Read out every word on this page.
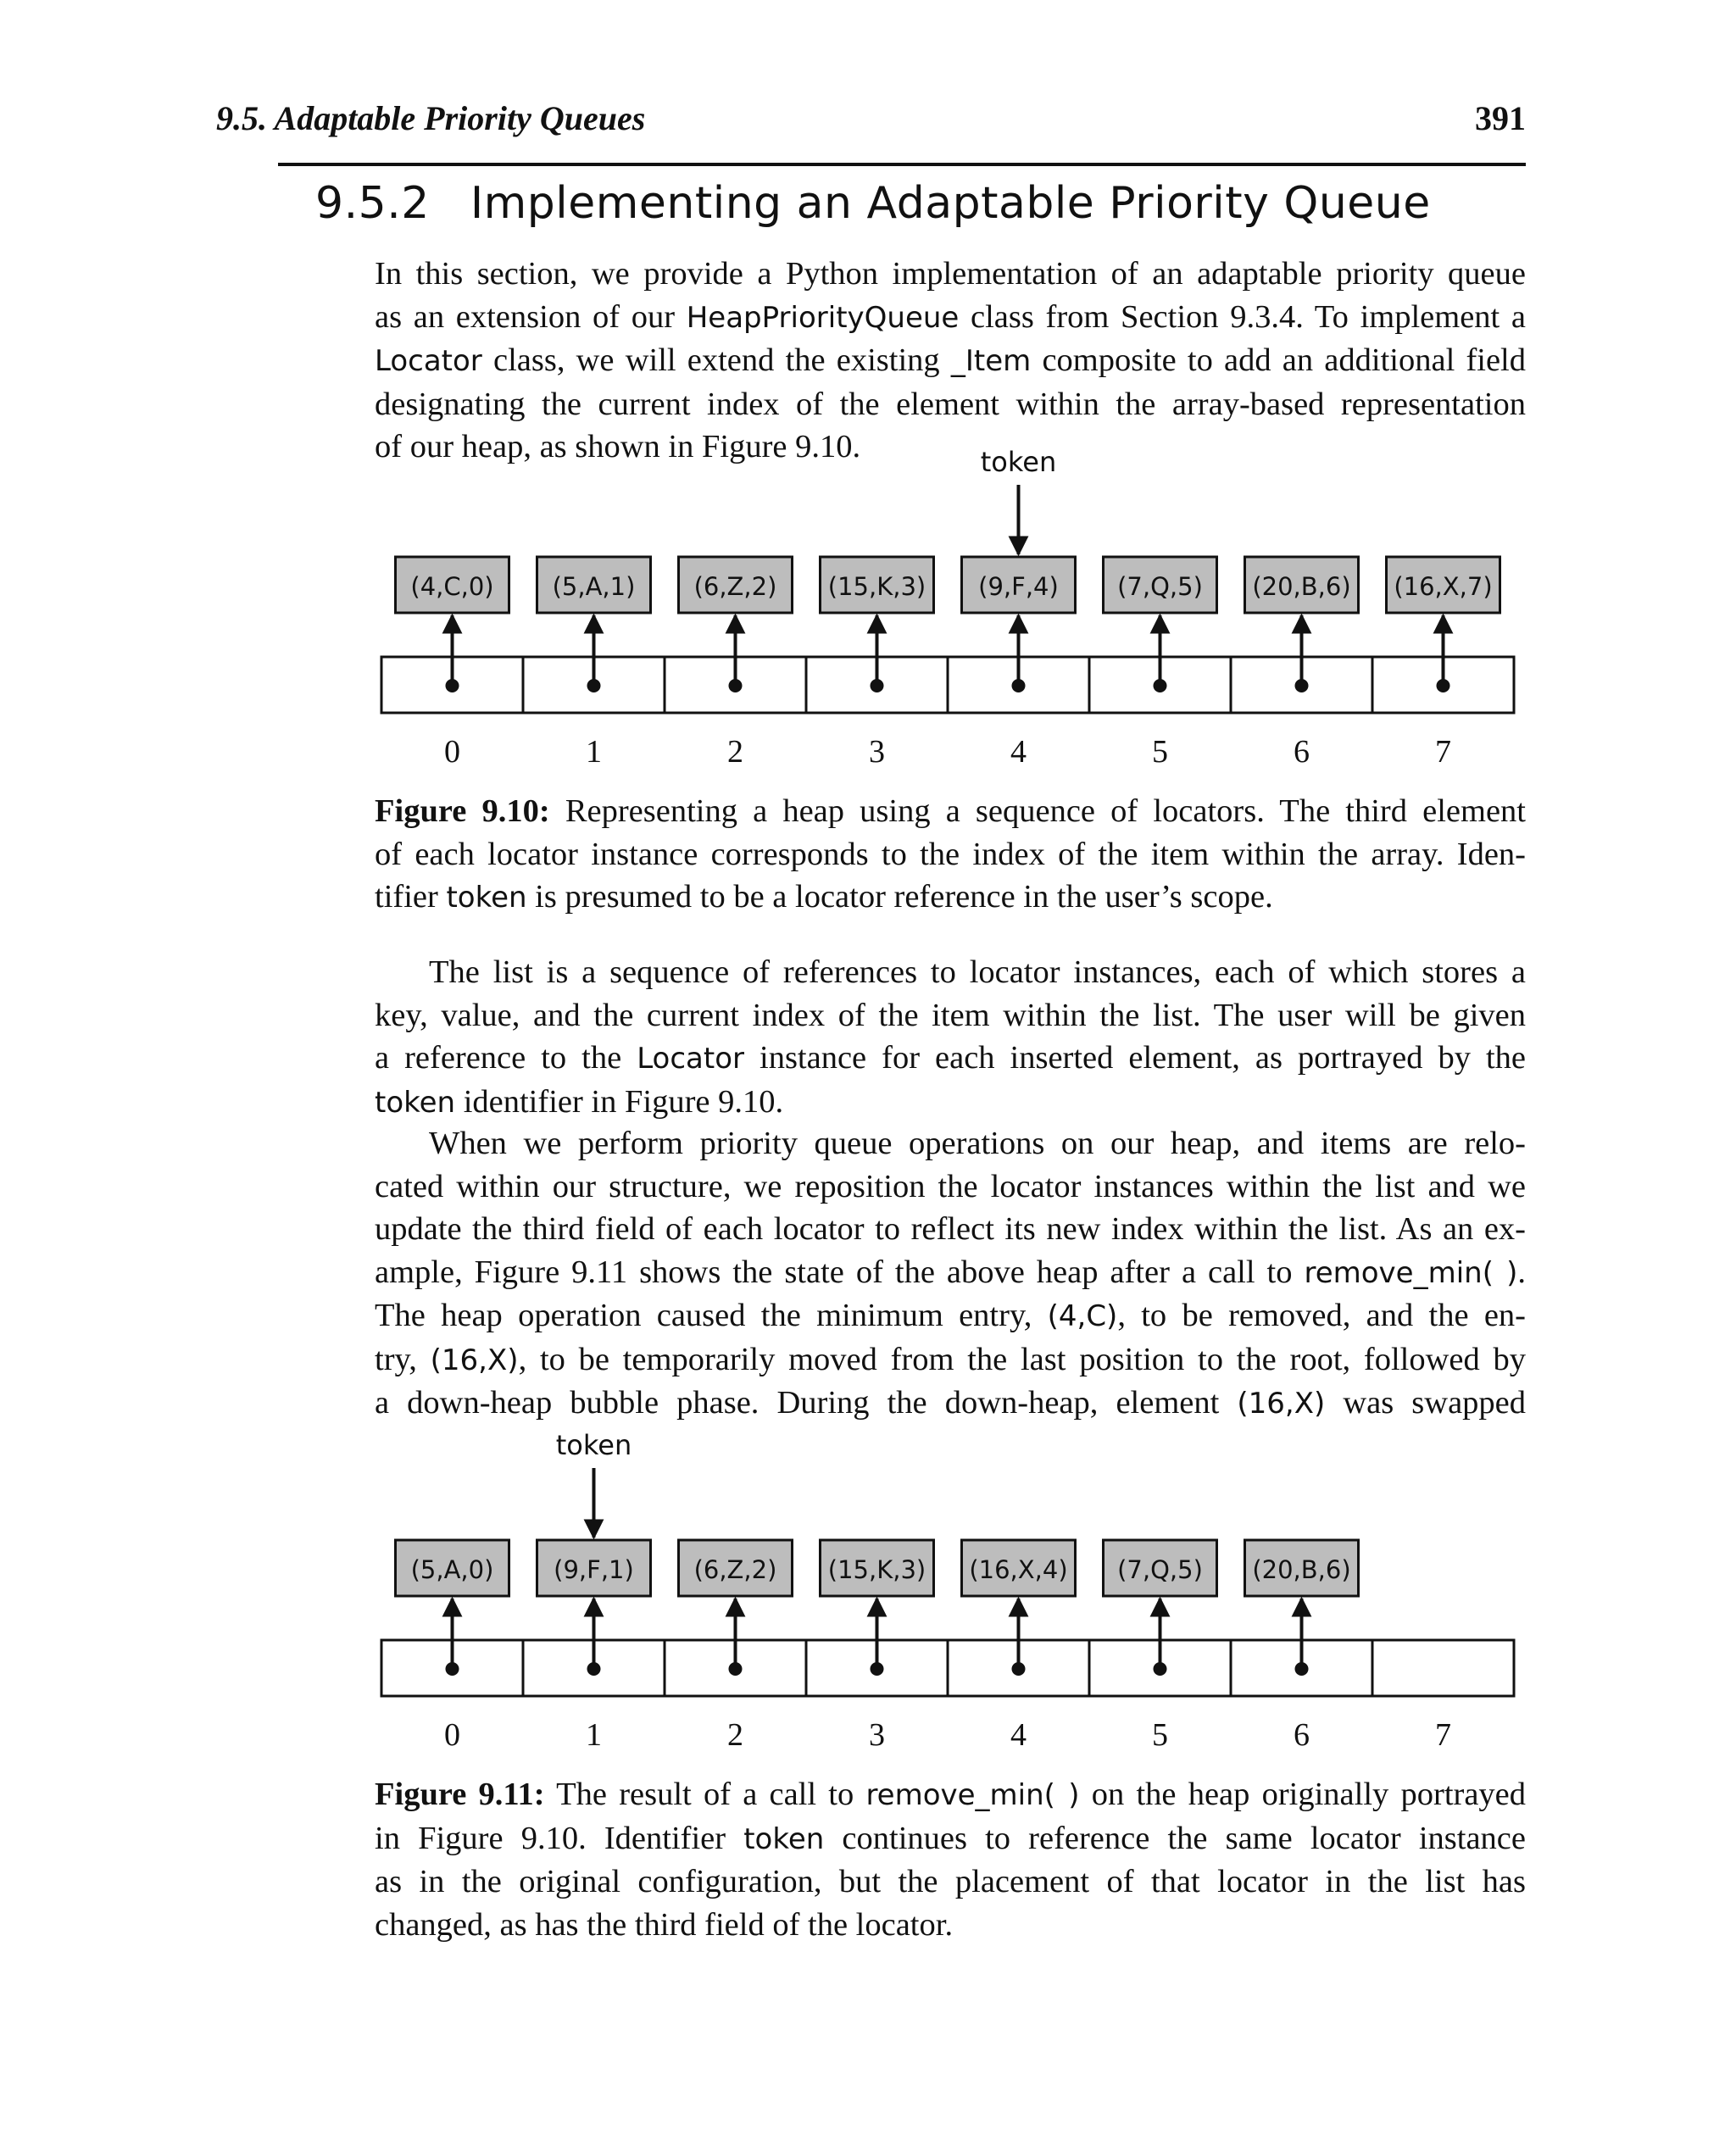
9.5. Adaptable Priority Queues	391
9.5.2 Implementing an Adaptable Priority Queue
In this section, we provide a Python implementation of an adaptable priority queue
as an extension of our HeapPriorityQueue class from Section 9.3.4. To implement a
Locator class, we will extend the existing _Item composite to add an additional field
designating the current index of the element within the array-based representation
of our heap, as shown in Figure 9.10.
0	1	2	3	4	5	6	7
(4,C,0) (5,A,1) (6,Z,2) (15,K,3) (9,F,4) (7,Q,5) (20,B,6) (16,X,7)
token
Figure 9.10: Representing a heap using a sequence of locators. The third element
of each locator instance corresponds to the index of the item within the array. Iden-
tifier token is presumed to be a locator reference in the user’s scope.
The list is a sequence of references to locator instances, each of which stores a
key, value, and the current index of the item within the list. The user will be given
a reference to the Locator instance for each inserted element, as portrayed by the
token identifier in Figure 9.10.
When we perform priority queue operations on our heap, and items are relo-
cated within our structure, we reposition the locator instances within the list and we
update the third field of each locator to reflect its new index within the list. As an ex-
ample, Figure 9.11 shows the state of the above heap after a call to remove_min( ).
The heap operation caused the minimum entry, (4,C), to be removed, and the en-
try, (16,X), to be temporarily moved from the last position to the root, followed by
a down-heap bubble phase. During the down-heap, element (16,X) was swapped
0	1	2	3	4	5	6	7
(5,A,0) (9,F,1) (6,Z,2) (15,K,3) (16,X,4) (7,Q,5) (20,B,6)
token
Figure 9.11: The result of a call to remove_min( ) on the heap originally portrayed
in Figure 9.10. Identifier token continues to reference the same locator instance
as in the original configuration, but the placement of that locator in the list has
changed, as has the third field of the locator.
